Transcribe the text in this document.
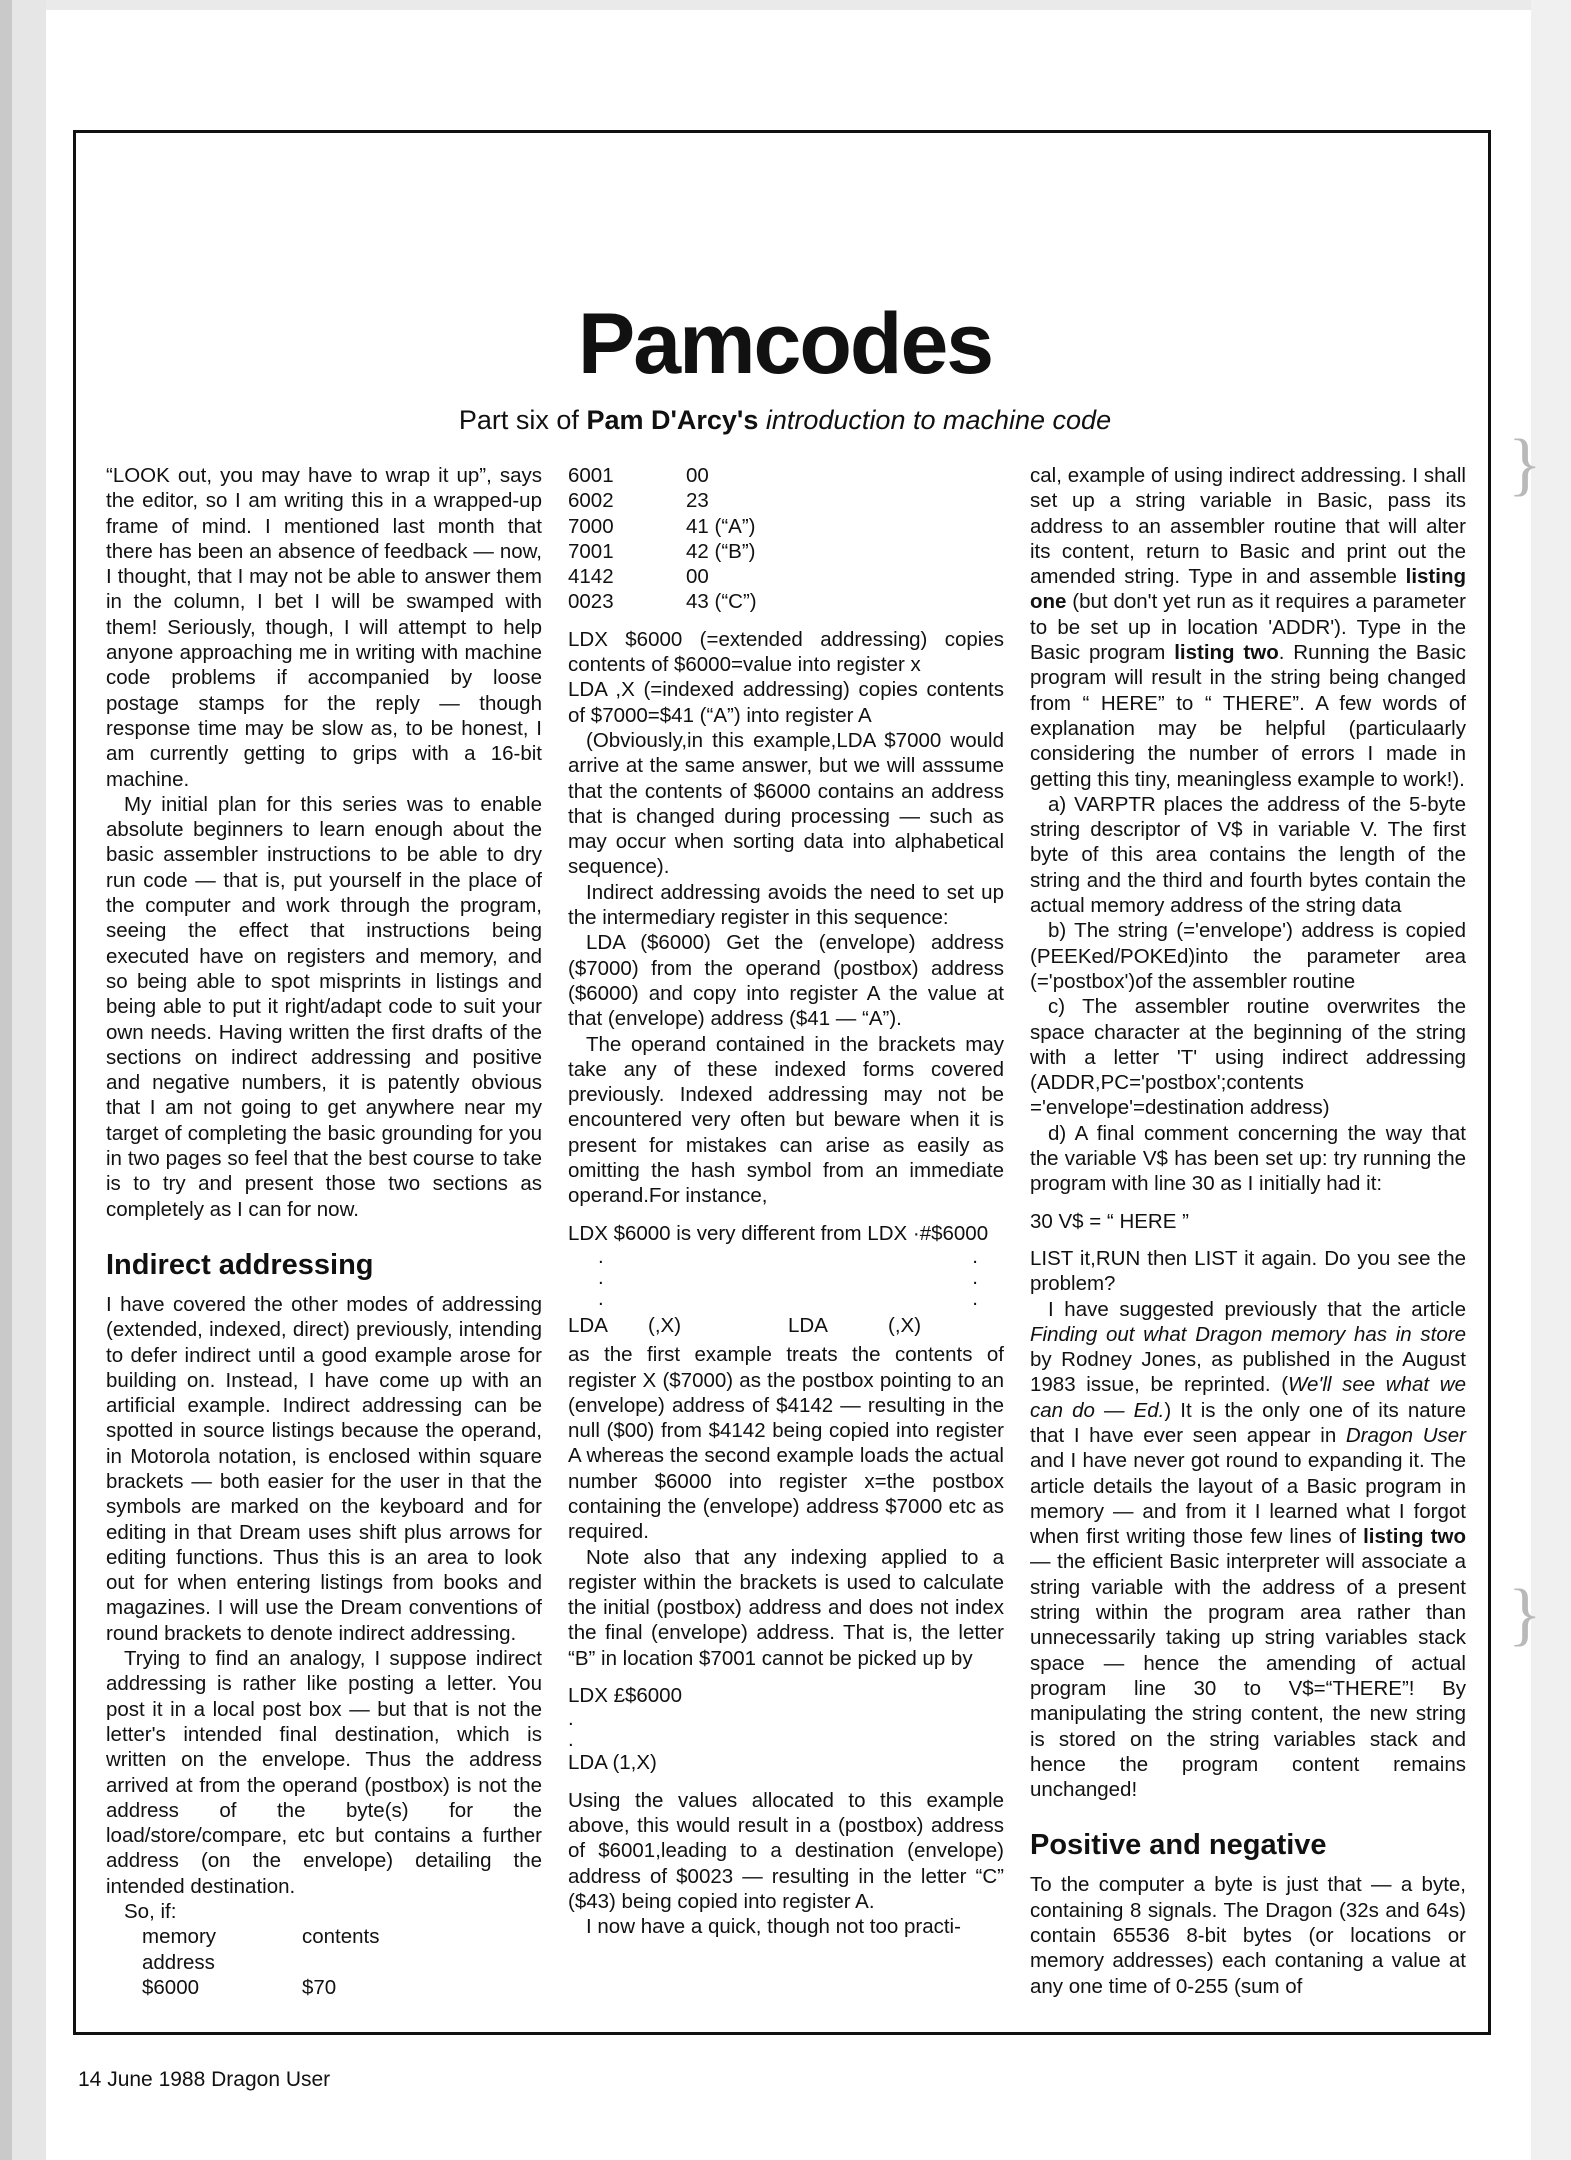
}
}
Pamcodes
Part six of Pam D'Arcy's introduction to machine code

“LOOK out, you may have to wrap it up”, says the editor, so I am writing this in a wrapped-up frame of mind. I mentioned last month that there has been an absence of feedback — now, I thought, that I may not be able to answer them in the column, I bet I will be swamped with them! Seriously, though, I will attempt to help anyone approaching me in writing with machine code problems if accompanied by loose postage stamps for the reply — though response time may be slow as, to be honest, I am currently getting to grips with a 16-bit machine.

My initial plan for this series was to enable absolute beginners to learn enough about the basic assembler instructions to be able to dry run code — that is, put yourself in the place of the computer and work through the program, seeing the effect that instructions being executed have on registers and memory, and so being able to spot misprints in listings and being able to put it right/adapt code to suit your own needs. Having written the first drafts of the sections on indirect addressing and positive and negative numbers, it is patently obvious that I am not going to get anywhere near my target of completing the basic grounding for you in two pages so feel that the best course to take is to try and present those two sections as completely as I can for now.

Indirect addressing

I have covered the other modes of addressing (extended, indexed, direct) previously, intending to defer indirect until a good example arose for building on. Instead, I have come up with an artificial example. Indirect addressing can be spotted in source listings because the operand, in Motorola notation, is enclosed within square brackets — both easier for the user in that the symbols are marked on the keyboard and for editing in that Dream uses shift plus arrows for editing functions. Thus this is an area to look out for when entering listings from books and magazines. I will use the Dream conventions of round brackets to denote indirect addressing.

Trying to find an analogy, I suppose indirect addressing is rather like posting a letter. You post it in a local post box — but that is not the letter's intended final destination, which is written on the envelope. Thus the address arrived at from the operand (postbox) is not the address of the byte(s) for the load/store/compare, etc but contains a further address (on the envelope) detailing the intended destination.

So, if:

memory	contents
address
$6000	$70
6001	00
6002	23
7000	41 (“A”)
7001	42 (“B”)
4142	00
0023	43 (“C”)

LDX $6000 (=extended addressing) copies contents of $6000=value into register x

LDA ,X (=indexed addressing) copies contents of $7000=$41 (“A”) into register A

(Obviously,in this example,LDA $7000 would arrive at the same answer, but we will asssume that the contents of $6000 contains an address that is changed during processing — such as may occur when sorting data into alphabetical sequence).

Indirect addressing avoids the need to set up the intermediary register in this sequence:

LDA ($6000) Get the (envelope) address ($7000) from the operand (postbox) address ($6000) and copy into register A the value at that (envelope) address ($41 — “A”).

The operand contained in the brackets may take any of these indexed forms covered previously. Indexed addressing may not be encountered very often but beware when it is present for mistakes can arise as easily as omitting the hash symbol from an immediate operand.For instance,

LDX $6000 is very different from LDX ·#$6000

.	.
.	.
.	.
LDA	(,X)	LDA	(,X)

as the first example treats the contents of register X ($7000) as the postbox pointing to an (envelope) address of $4142 — resulting in the null ($00) from $4142 being copied into register A whereas the second example loads the actual number $6000 into register x=the postbox containing the (envelope) address $7000 etc as required.

Note also that any indexing applied to a register within the brackets is used to calculate the initial (postbox) address and does not index the final (envelope) address. That is, the letter “B” in location $7001 cannot be picked up by

LDX £$6000

.
.

LDA (1,X)

Using the values allocated to this example above, this would result in a (postbox) address of $6001,leading to a destination (envelope) address of $0023 — resulting in the letter “C” ($43) being copied into register A.

I now have a quick, though not too practi-

cal, example of using indirect addressing. I shall set up a string variable in Basic, pass its address to an assembler routine that will alter its content, return to Basic and print out the amended string. Type in and assemble listing one (but don't yet run as it requires a parameter to be set up in location 'ADDR'). Type in the Basic program listing two. Running the Basic program will result in the string being changed from “ HERE” to “ THERE”. A few words of explanation may be helpful (particulaarly considering the number of errors I made in getting this tiny, meaningless example to work!).

a) VARPTR places the address of the 5-byte string descriptor of V$ in variable V. The first byte of this area contains the length of the string and the third and fourth bytes contain the actual memory address of the string data

b) The string (='envelope') address is copied (PEEKed/POKEd)into the parameter area (='postbox')of the assembler routine

c) The assembler routine overwrites the space character at the beginning of the string with a letter 'T' using indirect addressing (ADDR,PC='postbox';contents ='envelope'=destination address)

d) A final comment concerning the way that the variable V$ has been set up: try running the program with line 30 as I initially had it:

30 V$ = “ HERE ”

LIST it,RUN then LIST it again. Do you see the problem?

I have suggested previously that the article Finding out what Dragon memory has in store by Rodney Jones, as published in the August 1983 issue, be reprinted. (We'll see what we can do — Ed.) It is the only one of its nature that I have ever seen appear in Dragon User and I have never got round to expanding it. The article details the layout of a Basic program in memory — and from it I learned what I forgot when first writing those few lines of listing two — the efficient Basic interpreter will associate a string variable with the address of a present string within the program area rather than unnecessarily taking up string variables stack space — hence the amending of actual program line 30 to V$=“THERE”! By manipulating the string content, the new string is stored on the string variables stack and hence the program content remains unchanged!

Positive and negative

To the computer a byte is just that — a byte, containing 8 signals. The Dragon (32s and 64s) contain 65536 8-bit bytes (or locations or memory addresses) each contaning a value at any one time of 0-255 (sum of

14 June 1988 Dragon User
